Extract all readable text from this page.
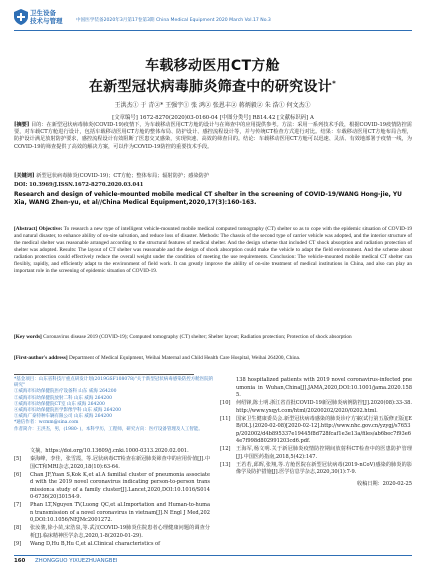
卫生设备
技术与管理	中国医学装备2020年3月第17卷第3期 China Medical Equipment 2020 March Vol.17 No.3
车载移动医用CT方舱
在新型冠状病毒肺炎筛查中的研究设计*
王洪杰① 于 青②* 王强宇① 张 鸿② 张恩丰② 蒋炳毅② 朱 浩① 何文杰①
[文章编号] 1672-8270(2020)03-0160-04 [中图分类号] R814.42 [文献标识码] A
[摘要] 目的：在新型冠状病毒肺炎(COVID-19)疫情下，为车载移动医用CT方舱的设计与在筛查中的应用提供参考。方法：采用一系列技术手段，根据COVID-19疫情防控需要，对车载CT方舱进行设计，包括车载移动医用CT方舱的整体布局、防护设计、感控流程设计等，并与传统CT检查方式进行对比。结果：车载移动医用CT方舱布局合理，防护设计满足放射防护要求，感控流程设计有效阻断了医患交叉感染，实现快速、高效的筛查目的。结论：车载移动医用CT方舱可以迅速、灵活、有效地部署于疫情一线，为COVID-19的筛查提供了高效的解决方案，可以作为COVID-19防控的重要技术手段。
[关键词] 新型冠状病毒肺炎(COVID-19)；CT方舱；整体布局；辐射防护；感染防护
DOI: 10.3969/J.ISSN.1672-8270.2020.03.041
Research and design of vehicle-mounted mobile medical CT shelter in the screening of COVID-19/WANG Hong-jie, YU Xia, WANG Zhen-yu, et al//China Medical Equipment,2020,17(3):160-163.
[Abstract] Objective: To research a new type of intelligent vehicle-mounted mobile medical computed tomography (CT) shelter so as to cope with the epidemic situation of COVID-19 and natural disaster, to enhance ability of on-site salvation, and reduce loss of disaster. Methods: The chassis of the second type of carrier vehicle was adopted, and the interior structure of the medical shelter was reasonable arranged according to the structural features of medical shelter. And the design scheme that included CT shock absorption and radiation protection of shelter was adopted. Results: The layout of CT shelter was reasonable and the design of shock absorption could make the vehicle to adapt the field environment. And the scheme about radiation protection could effectively reduce the overall weight under the condition of meeting the use requirements. Conclusion: The vehicle-mounted mobile medical CT shelter can flexibly, rapidly, and efficiently adapt to the environment of field work. It can greatly improve the ability of on-site treatment of medical institutions in China, and also can play an important role in the screening of epidemic situation of COVID-19.
[Key words] Coronavirus disease 2019 (COVID-19); Computed tomography (CT) shelter; Shelter layout; Radiation protection; Protection of shock absorption
[First-author's address] Department of Medical Equipment, Weihai Maternal and Child Health Care Hospital, Weihai 264200, China.
*基金项目：山东省科技厅重点研发计划(2019GSF108078)"关于新型冠状病毒感染防控方舱医院的研究"
①威海市妇幼保健院医疗设备科 山东 威海 264200
②威海市妇幼保健院放射二科 山东 威海 264200
③威海市妇幼保健院CT室 山东 威海 264200
④威海市妇幼保健院医学影像学科 山东 威海 264200
⑤威海广泰特种车辆有限公司 山东 威海 264200
*通信作者：wcmm@sina.com
作者简介：王洪杰，男，(1980- )，本科学历，工程师，研究方向：医疗设备管理及人工智能。
文摘，https://doi.org/10.13609/j.cnki.1000-0313.2020.02.001.
[5]	秦海峰，李佳，张雪霞，等.冠状病毒CT检查在新冠肺炎筛查中的应用价值[J].中国CT和MRI杂志,2020,18(10):63-64.
[6]	Chan JF,Yuan S,Kok K,et al.A familial cluster of pneumonia associated with the 2019 novel coronavirus indicating person-to-person transmission:a study of a family cluster[J].Lancet,2020,DOI:10.1016/S0140-6736(20)30154-9.
[7]	Phan LT,Nguyen TV,Luong QC,et al.Importation and Human-to-human transmission of a novel coronavirus in vietnam[J].N Engl J Med,2020,DOI:10.1056/NEJMc2001272.
[8]	张汝骏,徐小苗,宋浩泉,等.武汉COVID-19肺炎住院患者心理健康问题的调查分析[J].临床精神医学杂志,2020,1-8(2020-01-29).
[9]	Wang D,Hu B,Hu C,et al.Clinical characteristics of
138 hospitalized patients with 2019 novel coronavirus-infected pneumonia in Wuhan,China[J].JAMA,2020,DOI:10.1001/jama.2020.1585.
[10]	何绍锋,陈士明.浙江省首批COVID-19新冠肺炎病例防控[J].2020(08):33-38.http://www.yxqyt.com/html/20200202/2020/0202.html.
[11]	国家卫生健康委员会.新型冠状病毒感染的肺炎诊疗方案(试行第五版修正版)[EB/OL].(2020-02-08)[2020-02-12].http://www.nhc.gov.cn/yzygj/s7653p/202002/d4b895337e19445f8d728fcaf1e3e13a/files/ab6bec7f93e64e7f998d802991203cd6.pdf.
[12]	王海军,杨文明.关于新冠肺炎疫情防控期间放射科CT检查中的医患防护管理[J].中国医药指南,2018,5(42):147.
[13]	王若若,邱晖,张翔,等.方舱医院在新型冠状病毒(2019-nCoV)感染的肺炎的影像学及防护措施[J].医学信息学杂志,2020,30(1):7-9.
收稿日期：2020-02-25
160 ZHONGGUO YIXUEZHUANGBEI
